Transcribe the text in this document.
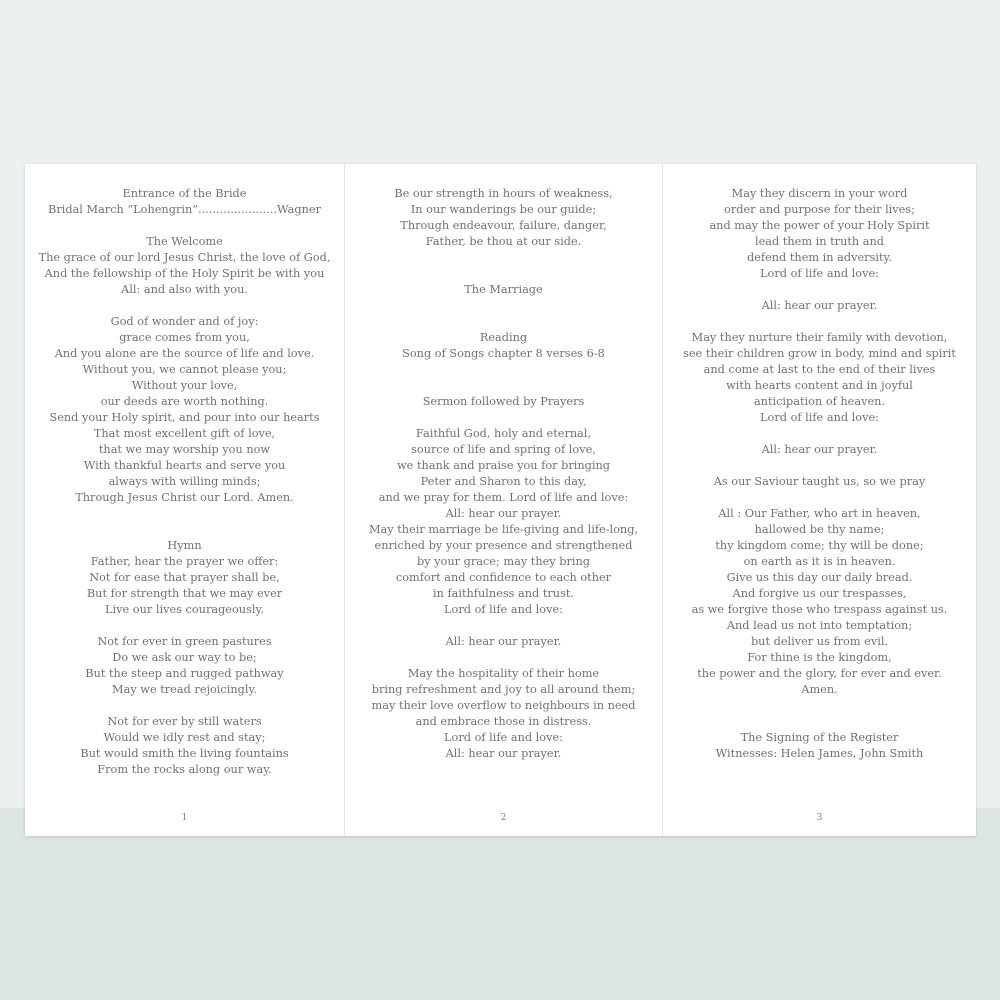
Entrance of the Bride
Bridal March “Lohengrin”......................Wagner
The Welcome
The grace of our lord Jesus Christ, the love of God,
And the fellowship of the Holy Spirit be with you
All: and also with you.
God of wonder and of joy:
grace comes from you,
And you alone are the source of life and love.
Without you, we cannot please you;
Without your love,
our deeds are worth nothing.
Send your Holy spirit, and pour into our hearts
That most excellent gift of love,
that we may worship you now
With thankful hearts and serve you
always with willing minds;
Through Jesus Christ our Lord. Amen.
Hymn
Father, hear the prayer we offer:
Not for ease that prayer shall be,
But for strength that we may ever
Live our lives courageously.
Not for ever in green pastures
Do we ask our way to be;
But the steep and rugged pathway
May we tread rejoicingly.
Not for ever by still waters
Would we idly rest and stay;
But would smith the living fountains
From the rocks along our way.
1
Be our strength in hours of weakness,
In our wanderings be our guide;
Through endeavour, failure, danger,
Father, be thou at our side.
The Marriage
Reading
Song of Songs chapter 8 verses 6-8
Sermon followed by Prayers
Faithful God, holy and eternal,
source of life and spring of love,
we thank and praise you for bringing
Peter and Sharon to this day,
and we pray for them. Lord of life and love:
All: hear our prayer.
May their marriage be life-giving and life-long,
enriched by your presence and strengthened
by your grace; may they bring
comfort and confidence to each other
in faithfulness and trust.
Lord of life and love:
All: hear our prayer.
May the hospitality of their home
bring refreshment and joy to all around them;
may their love overflow to neighbours in need
and embrace those in distress.
Lord of life and love:
All: hear our prayer.
2
May they discern in your word
order and purpose for their lives;
and may the power of your Holy Spirit
lead them in truth and
defend them in adversity.
Lord of life and love:
All: hear our prayer.
May they nurture their family with devotion,
see their children grow in body, mind and spirit
and come at last to the end of their lives
with hearts content and in joyful
anticipation of heaven.
Lord of life and love:
All: hear our prayer.
As our Saviour taught us, so we pray
All : Our Father, who art in heaven,
hallowed be thy name;
thy kingdom come; thy will be done;
on earth as it is in heaven.
Give us this day our daily bread.
And forgive us our trespasses,
as we forgive those who trespass against us.
And lead us not into temptation;
but deliver us from evil.
For thine is the kingdom,
the power and the glory, for ever and ever.
Amen.
The Signing of the Register
Witnesses: Helen James, John Smith
3
